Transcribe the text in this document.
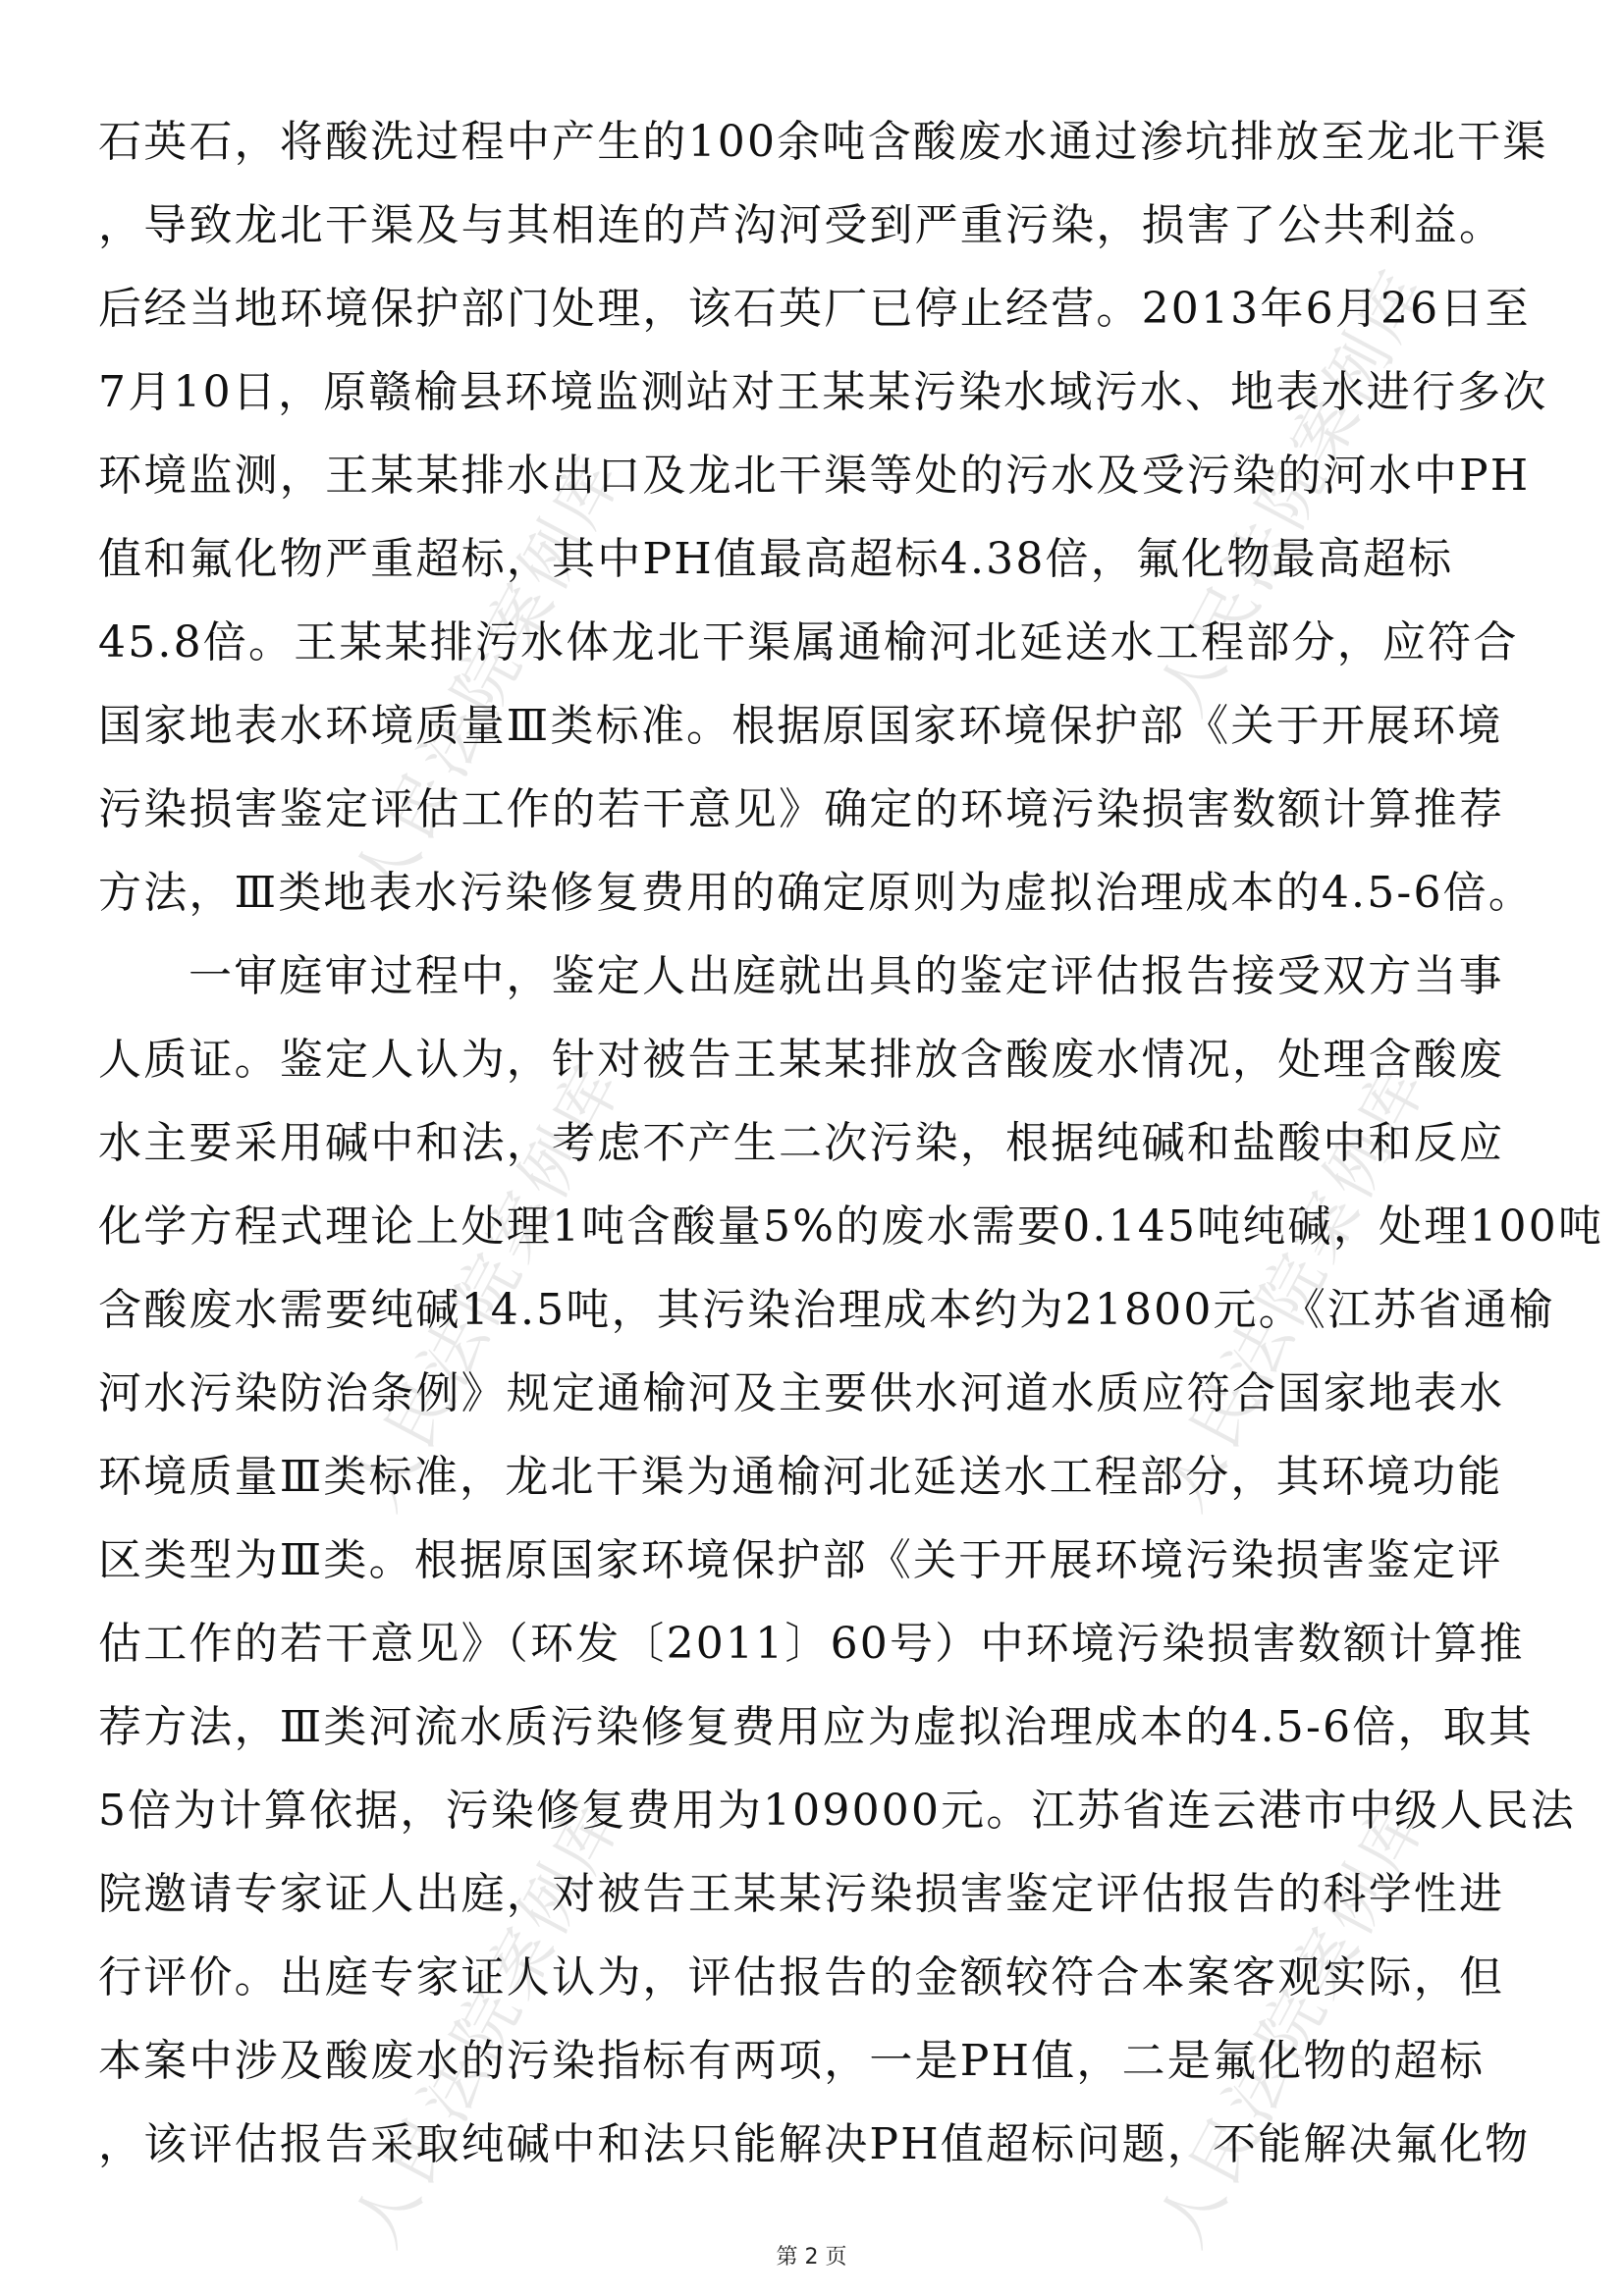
人民法院案例库	人民法院案例库
人民法院案例库	人民法院案例库
人民法院案例库	人民法院案例库
石英石，将酸洗过程中产生的100余吨含酸废水通过渗坑排放至龙北干渠
，导致龙北干渠及与其相连的芦沟河受到严重污染，损害了公共利益。
后经当地环境保护部门处理，该石英厂已停止经营。2013年6月26日至
7月10日，原赣榆县环境监测站对王某某污染水域污水、地表水进行多次
环境监测，王某某排水出口及龙北干渠等处的污水及受污染的河水中PH
值和氟化物严重超标，其中PH值最高超标4.38倍，氟化物最高超标
45.8倍。王某某排污水体龙北干渠属通榆河北延送水工程部分，应符合
国家地表水环境质量Ⅲ类标准。根据原国家环境保护部《关于开展环境
污染损害鉴定评估工作的若干意见》确定的环境污染损害数额计算推荐
方法，Ⅲ类地表水污染修复费用的确定原则为虚拟治理成本的4.5-6倍。
一审庭审过程中，鉴定人出庭就出具的鉴定评估报告接受双方当事
人质证。鉴定人认为，针对被告王某某排放含酸废水情况，处理含酸废
水主要采用碱中和法，考虑不产生二次污染，根据纯碱和盐酸中和反应
化学方程式理论上处理1吨含酸量5%的废水需要0.145吨纯碱，处理100吨
含酸废水需要纯碱14.5吨，其污染治理成本约为21800元。《江苏省通榆
河水污染防治条例》规定通榆河及主要供水河道水质应符合国家地表水
环境质量Ⅲ类标准，龙北干渠为通榆河北延送水工程部分，其环境功能
区类型为Ⅲ类。根据原国家环境保护部《关于开展环境污染损害鉴定评
估工作的若干意见》（环发〔2011〕60号）中环境污染损害数额计算推
荐方法，Ⅲ类河流水质污染修复费用应为虚拟治理成本的4.5-6倍，取其
5倍为计算依据，污染修复费用为109000元。江苏省连云港市中级人民法
院邀请专家证人出庭，对被告王某某污染损害鉴定评估报告的科学性进
行评价。出庭专家证人认为，评估报告的金额较符合本案客观实际，但
本案中涉及酸废水的污染指标有两项，一是PH值，二是氟化物的超标
，该评估报告采取纯碱中和法只能解决PH值超标问题，不能解决氟化物
第 2 页
